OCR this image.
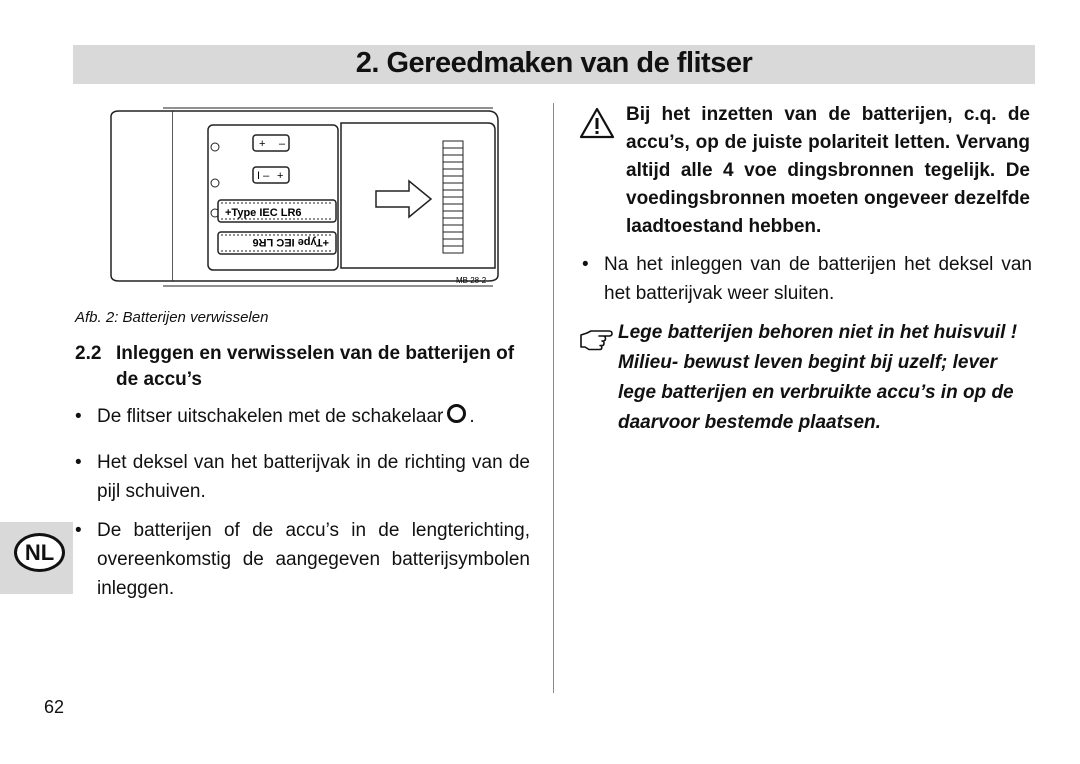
2. Gereedmaken van de flitser
+ –
I – +
+Type IEC LR6
+Type IEC LR6
MB 28-2
Afb. 2: Batterijen verwisselen
2.2 Inleggen en verwisselen van de batterijen of de accu’s
• De flitser uitschakelen met de schakelaar .
• Het deksel van het batterijvak in de richting van de pijl schuiven.
• De batterijen of de accu’s in de lengterichting, overeenkomstig de aangegeven batterijsymbolen inleggen.
Bij het inzetten van de batterijen, c.q. de accu’s, op de juiste polariteit letten. Vervang altijd alle 4 voe dingsbronnen tegelijk. De voedingsbronnen moeten ongeveer dezelfde laadtoestand hebben.
• Na het inleggen van de batterijen het deksel van het batterijvak weer sluiten.
Lege batterijen behoren niet in het huisvuil ! Milieu- bewust leven begint bij uzelf; lever lege batterijen en verbruikte accu’s in op de daarvoor bestemde plaatsen.
NL
62
